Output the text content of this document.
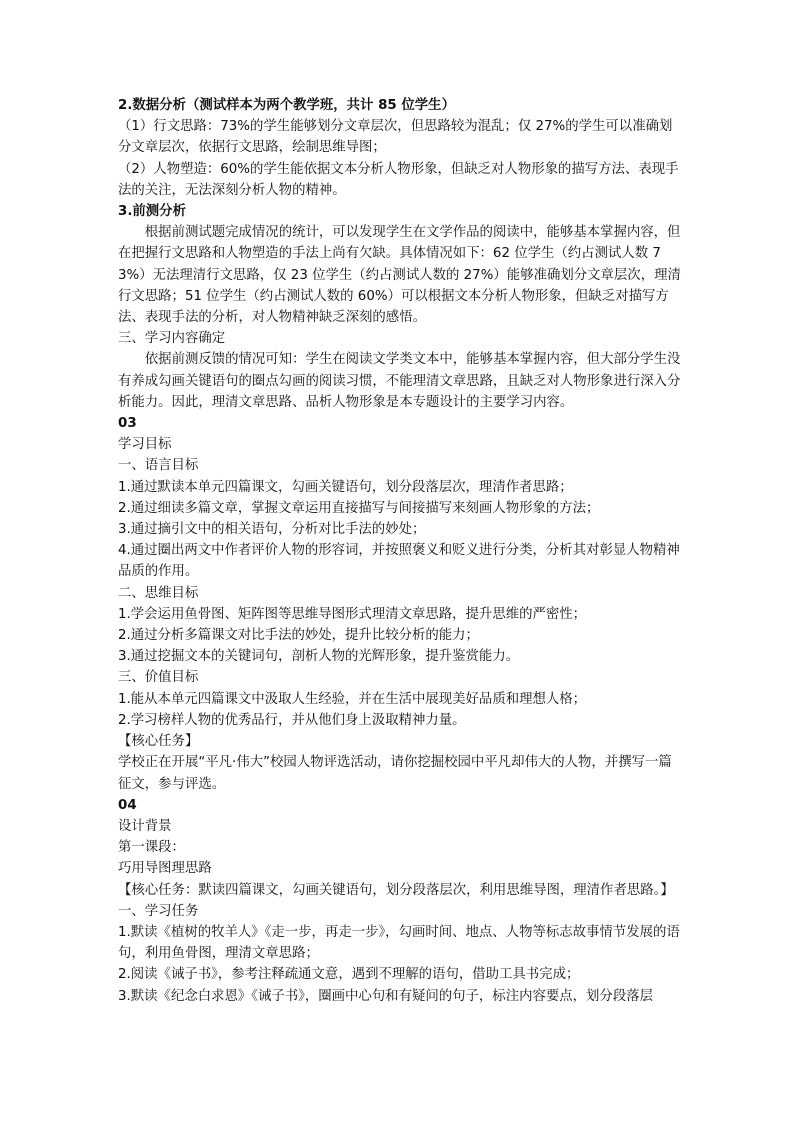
2.数据分析（测试样本为两个教学班，共计 85 位学生）
（1）行文思路：73%的学生能够划分文章层次，但思路较为混乱；仅 27%的学生可以准确划分文章层次，依据行文思路，绘制思维导图；
（2）人物塑造：60%的学生能依据文本分析人物形象，但缺乏对人物形象的描写方法、表现手法的关注，无法深刻分析人物的精神。
3.前测分析
根据前测试题完成情况的统计，可以发现学生在文学作品的阅读中，能够基本掌握内容，但在把握行文思路和人物塑造的手法上尚有欠缺。具体情况如下：62 位学生（约占测试人数 73%）无法理清行文思路，仅 23 位学生（约占测试人数的 27%）能够准确划分文章层次，理清行文思路；51 位学生（约占测试人数的 60%）可以根据文本分析人物形象，但缺乏对描写方法、表现手法的分析，对人物精神缺乏深刻的感悟。
三、学习内容确定
依据前测反馈的情况可知：学生在阅读文学类文本中，能够基本掌握内容，但大部分学生没有养成勾画关键语句的圈点勾画的阅读习惯，不能理清文章思路，且缺乏对人物形象进行深入分析能力。因此，理清文章思路、品析人物形象是本专题设计的主要学习内容。
03
学习目标
一、语言目标
1.通过默读本单元四篇课文，勾画关键语句，划分段落层次，理清作者思路；
2.通过细读多篇文章，掌握文章运用直接描写与间接描写来刻画人物形象的方法；
3.通过摘引文中的相关语句，分析对比手法的妙处；
4.通过圈出两文中作者评价人物的形容词，并按照褒义和贬义进行分类，分析其对彰显人物精神品质的作用。
二、思维目标
1.学会运用鱼骨图、矩阵图等思维导图形式理清文章思路，提升思维的严密性；
2.通过分析多篇课文对比手法的妙处，提升比较分析的能力；
3.通过挖掘文本的关键词句，剖析人物的光辉形象，提升鉴赏能力。
三、价值目标
1.能从本单元四篇课文中汲取人生经验，并在生活中展现美好品质和理想人格；
2.学习榜样人物的优秀品行，并从他们身上汲取精神力量。
【核心任务】
学校正在开展“平凡·伟大”校园人物评选活动，请你挖掘校园中平凡却伟大的人物，并撰写一篇征文，参与评选。
04
设计背景
第一课段：
巧用导图理思路
【核心任务：默读四篇课文，勾画关键语句，划分段落层次，利用思维导图，理清作者思路。】
一、学习任务
1.默读《植树的牧羊人》《走一步，再走一步》，勾画时间、地点、人物等标志故事情节发展的语句，利用鱼骨图，理清文章思路；
2.阅读《诫子书》，参考注释疏通文意，遇到不理解的语句，借助工具书完成；
3.默读《纪念白求恩》《诫子书》，圈画中心句和有疑问的句子，标注内容要点，划分段落层
